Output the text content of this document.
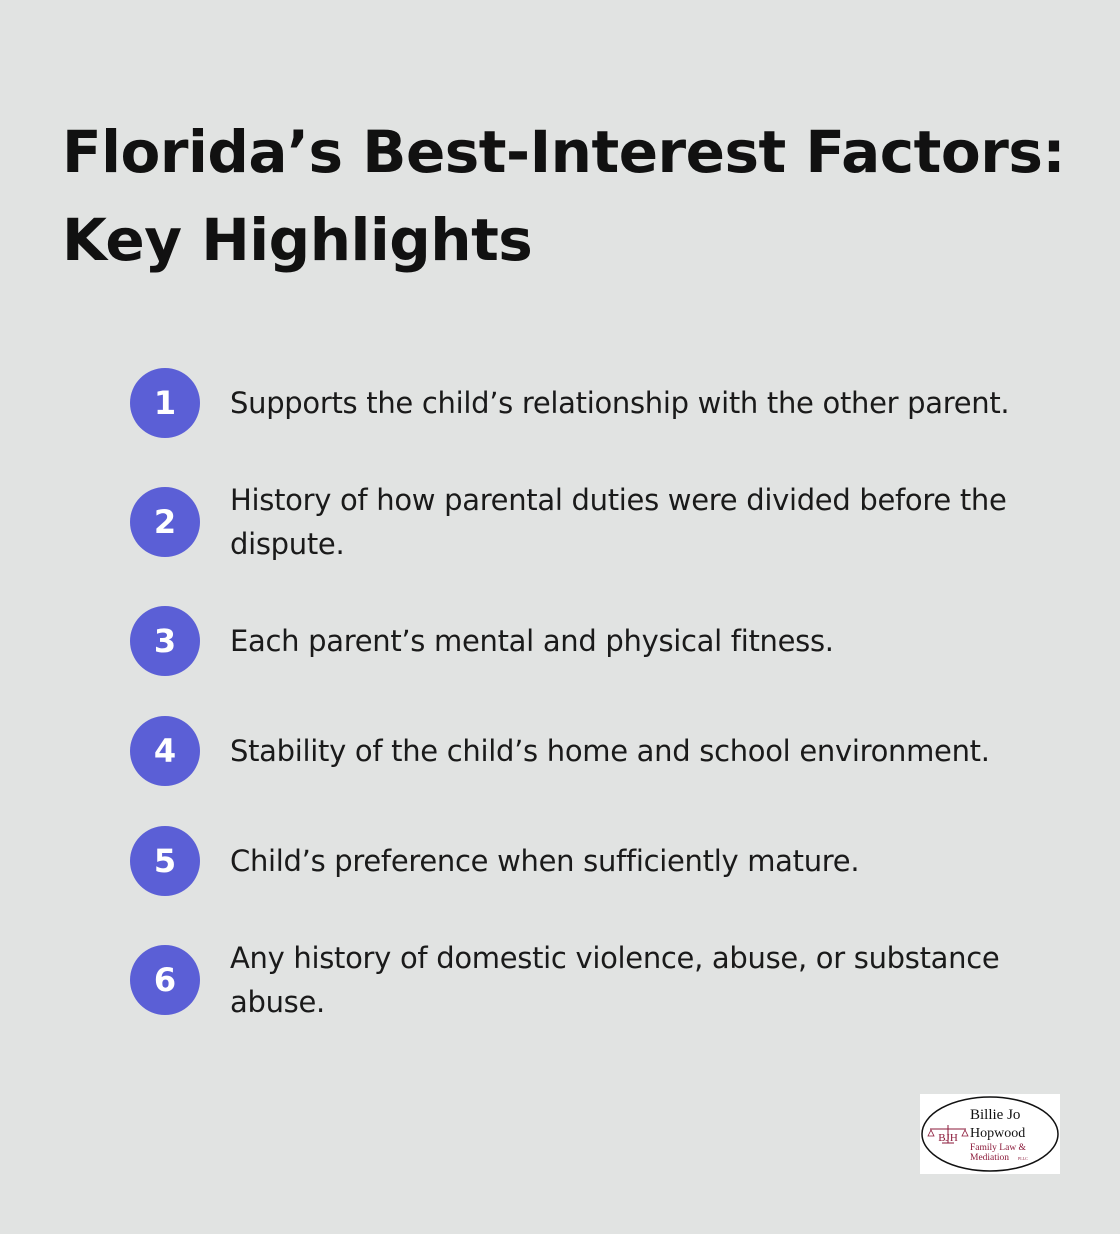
Florida’s Best-Interest Factors:
Key Highlights
1	Supports the child’s relationship with the other parent.
2
History of how parental duties were divided before the dispute.
3	Each parent’s mental and physical fitness.
4	Stability of the child’s home and school environment.
5	Child’s preference when sufficiently mature.
6
Any history of domestic violence, abuse, or substance abuse.
BJH
Billie Jo
Hopwood
Family Law &
Mediation PLLC
